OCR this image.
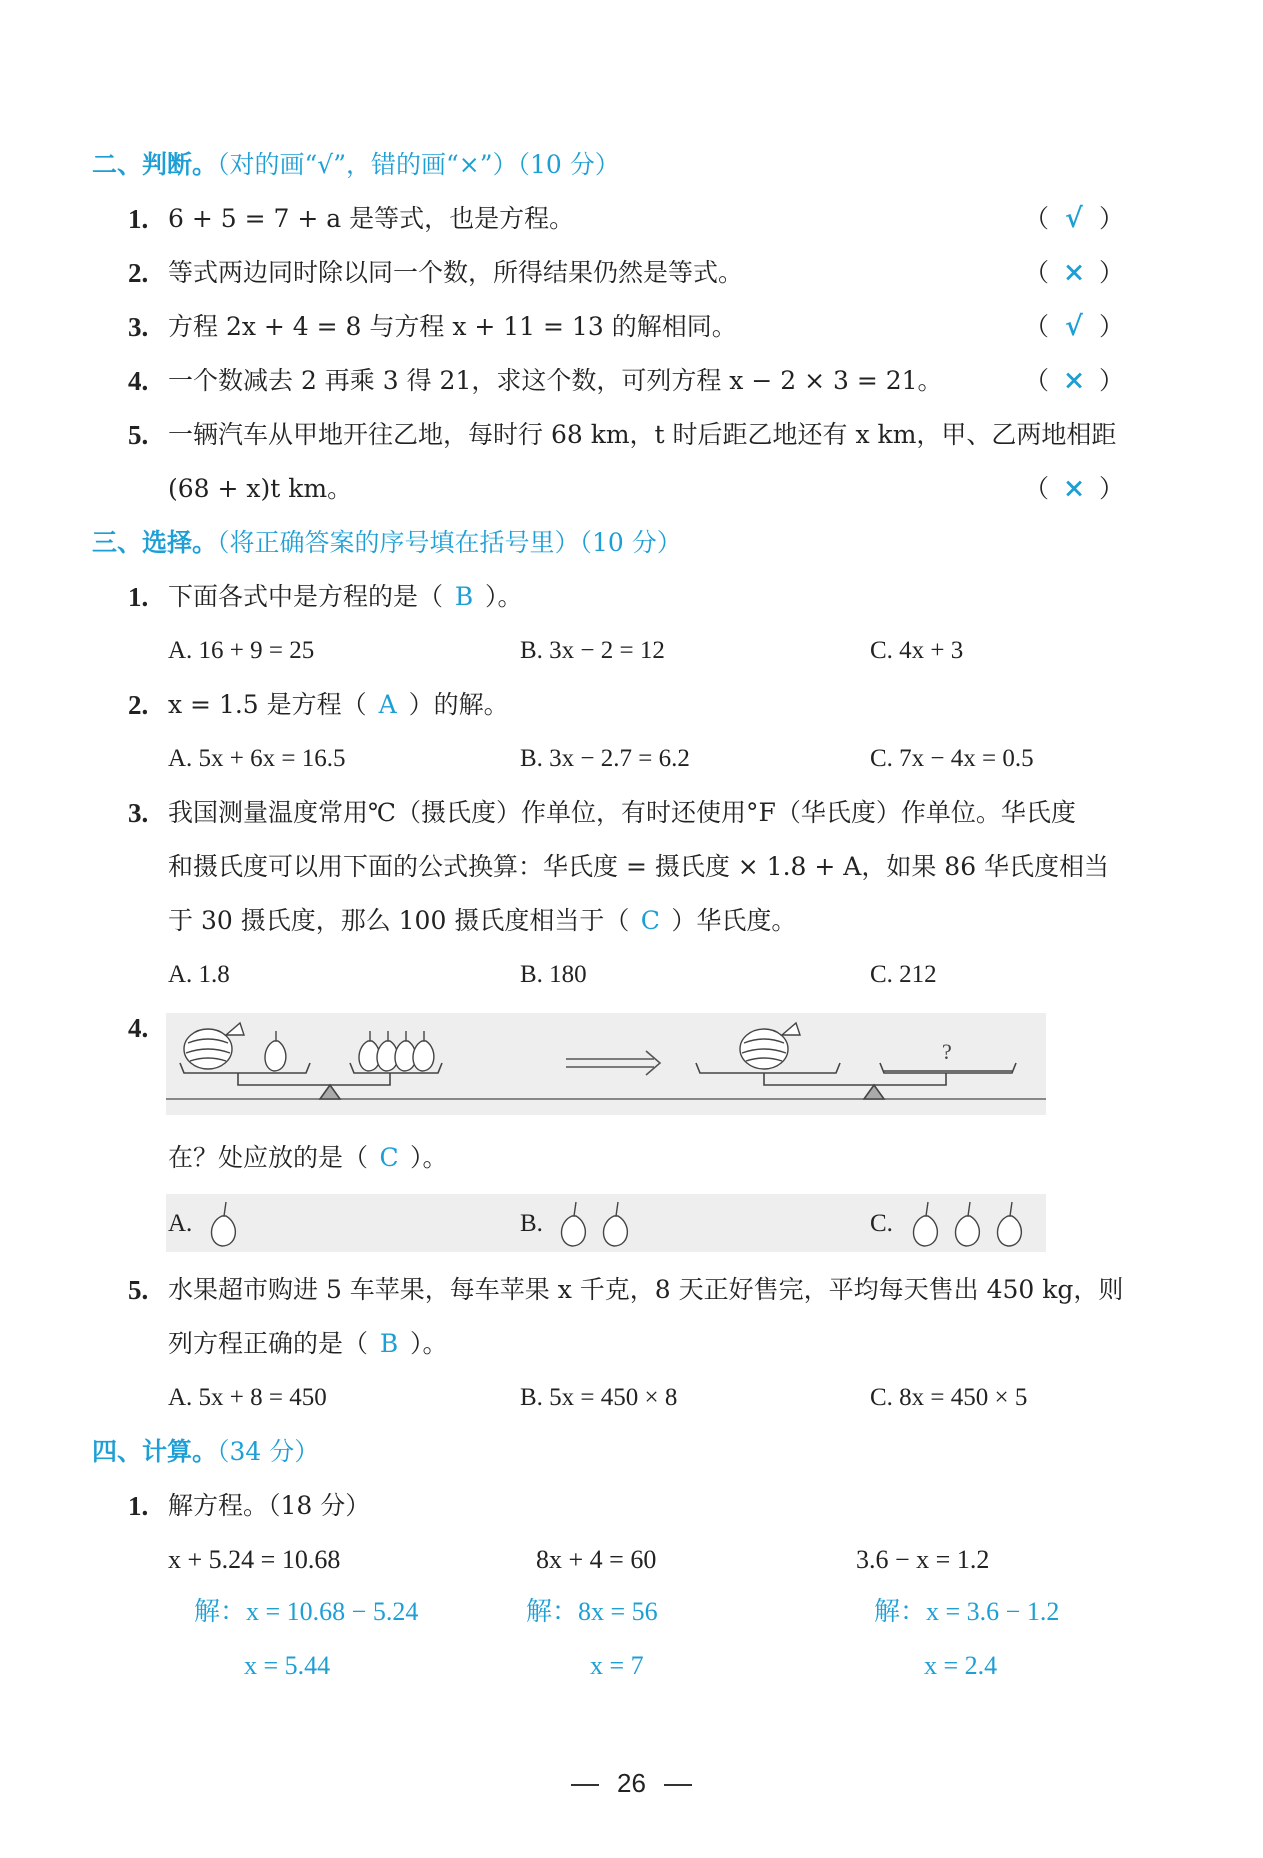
二、判断。（对的画“√”，错的画“×”）（10 分）
1. 6 + 5 = 7 + a 是等式，也是方程。	（ √ ）
2. 等式两边同时除以同一个数，所得结果仍然是等式。	（ × ）
3. 方程 2x + 4 = 8 与方程 x + 11 = 13 的解相同。	（ √ ）
4. 一个数减去 2 再乘 3 得 21，求这个数，可列方程 x − 2 × 3 = 21。	（ × ）
5. 一辆汽车从甲地开往乙地，每时行 68 km，t 时后距乙地还有 x km，甲、乙两地相距
(68 + x)t km。	（ × ）
三、选择。（将正确答案的序号填在括号里）（10 分）
1. 下面各式中是方程的是（ B ）。
A. 16 + 9 = 25	B. 3x − 2 = 12	C. 4x + 3
2. x = 1.5 是方程（ A ）的解。
A. 5x + 6x = 16.5	B. 3x − 2.7 = 6.2	C. 7x − 4x = 0.5
3. 我国测量温度常用℃（摄氏度）作单位，有时还使用°F（华氏度）作单位。华氏度
和摄氏度可以用下面的公式换算：华氏度 = 摄氏度 × 1.8 + A，如果 86 华氏度相当
于 30 摄氏度，那么 100 摄氏度相当于（ C ）华氏度。
A. 1.8	B. 180	C. 212
4.
?
在？处应放的是（ C ）。
A.	B.	C.
5. 水果超市购进 5 车苹果，每车苹果 x 千克，8 天正好售完，平均每天售出 450 kg，则
列方程正确的是（ B ）。
A. 5x + 8 = 450	B. 5x = 450 × 8	C. 8x = 450 × 5
四、计算。（34 分）
1. 解方程。（18 分）
x + 5.24 = 10.68	8x + 4 = 60	3.6 − x = 1.2
解：x = 10.68 − 5.24	解：8x = 56	解：x = 3.6 − 1.2
x = 5.44	x = 7	x = 2.4
26
